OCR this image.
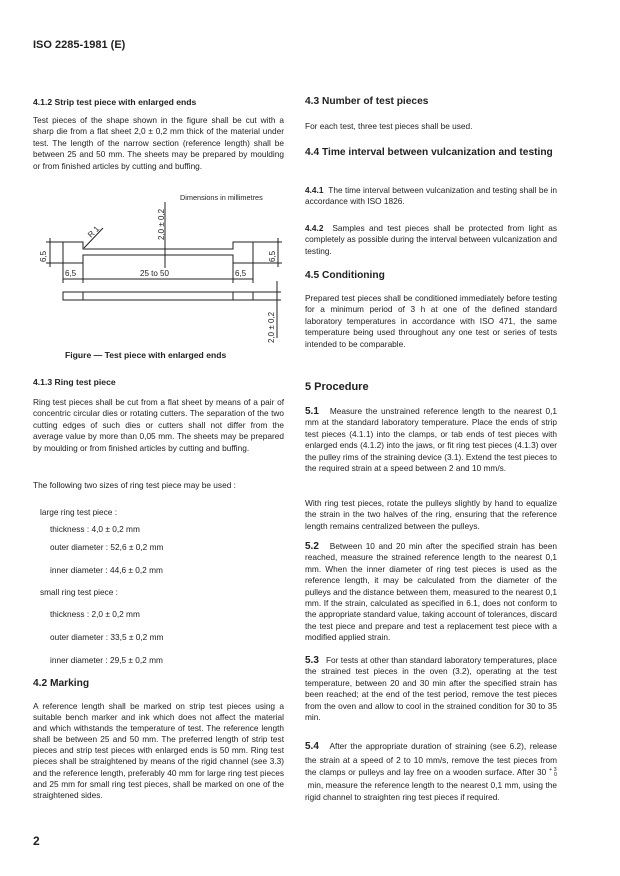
ISO 2285-1981 (E)
4.1.2 Strip test piece with enlarged ends
Test pieces of the shape shown in the figure shall be cut with a sharp die from a flat sheet 2,0 ± 0,2 mm thick of the material under test. The length of the narrow section (reference length) shall be between 25 and 50 mm. The sheets may be prepared by moulding or from finished articles by cutting and buffing.
Dimensions in millimetres
R 1	2,0 ± 0,2
6,5	6,5
6,5	25 to 50	6,5
2,0 ± 0,2
Figure — Test piece with enlarged ends
4.1.3 Ring test piece
Ring test pieces shall be cut from a flat sheet by means of a pair of concentric circular dies or rotating cutters. The separation of the two cutting edges of such dies or cutters shall not differ from the average value by more than 0,05 mm. The sheets may be prepared by moulding or from finished articles by cutting and buffing.
The following two sizes of ring test piece may be used :
large ring test piece :
thickness : 4,0 ± 0,2 mm
outer diameter : 52,6 ± 0,2 mm
inner diameter : 44,6 ± 0,2 mm
small ring test piece :
thickness : 2,0 ± 0,2 mm
outer diameter : 33,5 ± 0,2 mm
inner diameter : 29,5 ± 0,2 mm
4.2 Marking
A reference length shall be marked on strip test pieces using a suitable bench marker and ink which does not affect the material and which withstands the temperature of test. The reference length shall be between 25 and 50 mm. The preferred length of strip test pieces and strip test pieces with enlarged ends is 50 mm. Ring test pieces shall be straightened by means of the rigid channel (see 3.3) and the reference length, preferably 40 mm for large ring test pieces and 25 mm for small ring test pieces, shall be marked on one of the straightened sides.
2
4.3 Number of test pieces
For each test, three test pieces shall be used.
4.4 Time interval between vulcanization and testing
4.4.1 The time interval between vulcanization and testing shall be in accordance with ISO 1826.
4.4.2 Samples and test pieces shall be protected from light as completely as possible during the interval between vulcanization and testing.
4.5 Conditioning
Prepared test pieces shall be conditioned immediately before testing for a minimum period of 3 h at one of the defined standard laboratory temperatures in accordance with ISO 471, the same temperature being used throughout any one test or series of tests intended to be comparable.
5 Procedure
5.1 Measure the unstrained reference length to the nearest 0,1 mm at the standard laboratory temperature. Place the ends of strip test pieces (4.1.1) into the clamps, or tab ends of test pieces with enlarged ends (4.1.2) into the jaws, or fit ring test pieces (4.1.3) over the pulley rims of the straining device (3.1). Extend the test pieces to the required strain at a speed between 2 and 10 mm/s.
With ring test pieces, rotate the pulleys slightly by hand to equalize the strain in the two halves of the ring, ensuring that the reference length remains centralized between the pulleys.
5.2 Between 10 and 20 min after the specified strain has been reached, measure the strained reference length to the nearest 0,1 mm. When the inner diameter of ring test pieces is used as the reference length, it may be calculated from the diameter of the pulleys and the distance between them, measured to the nearest 0,1 mm. If the strain, calculated as specified in 6.1, does not conform to the appropriate standard value, taking account of tolerances, discard the test piece and prepare and test a replacement test piece with a modified applied strain.
5.3 For tests at other than standard laboratory temperatures, place the strained test pieces in the oven (3.2), operating at the test temperature, between 20 and 30 min after the specified strain has been reached; at the end of the test period, remove the test pieces from the oven and allow to cool in the strained condition for 30 to 35 min.
5.4 After the appropriate duration of straining (see 6.2), release the strain at a speed of 2 to 10 mm/s, remove the test pieces from the clamps or pulleys and lay free on a wooden surface. After 30 + 3
0 min, measure the reference length to the nearest 0,1 mm, using the rigid channel to straighten ring test pieces if required.
